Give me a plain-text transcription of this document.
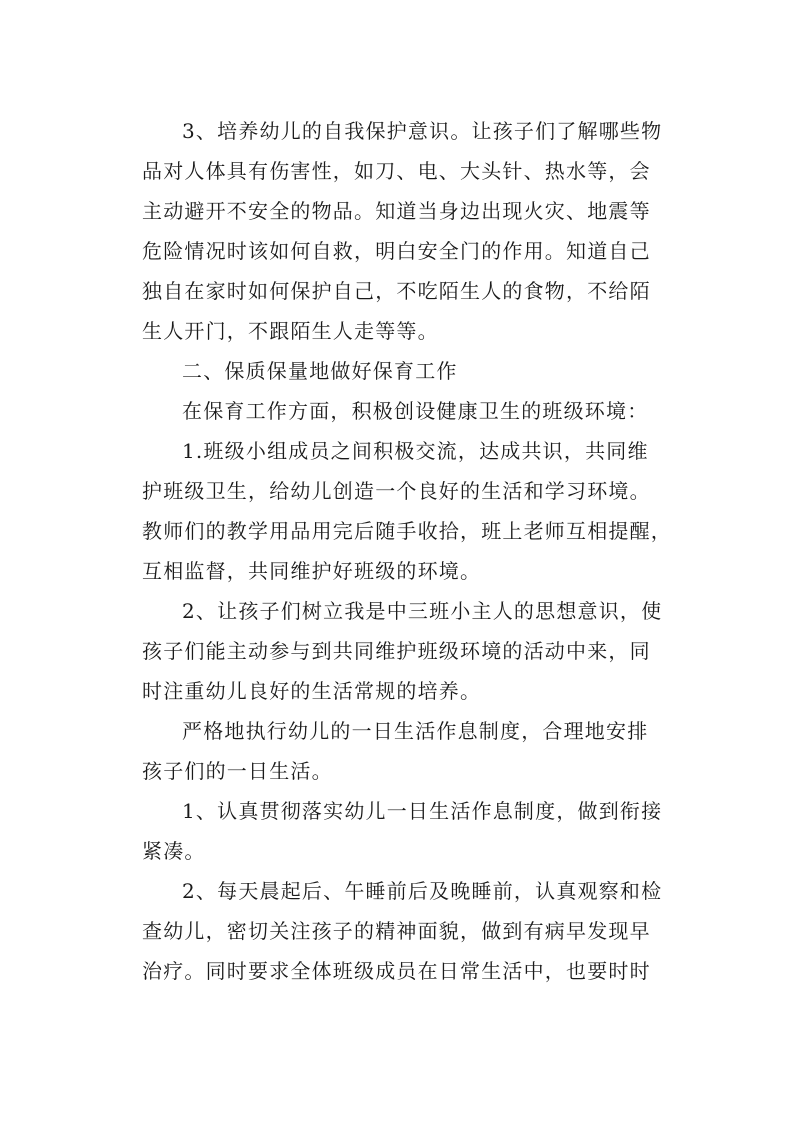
3、培养幼儿的自我保护意识。让孩子们了解哪些物
品对人体具有伤害性，如刀、电、大头针、热水等，会
主动避开不安全的物品。知道当身边出现火灾、地震等
危险情况时该如何自救，明白安全门的作用。知道自己
独自在家时如何保护自己，不吃陌生人的食物，不给陌
生人开门，不跟陌生人走等等。
二、保质保量地做好保育工作
在保育工作方面，积极创设健康卫生的班级环境：
1.班级小组成员之间积极交流，达成共识，共同维
护班级卫生，给幼儿创造一个良好的生活和学习环境。
教师们的教学用品用完后随手收拾，班上老师互相提醒，
互相监督，共同维护好班级的环境。
2、让孩子们树立我是中三班小主人的思想意识，使
孩子们能主动参与到共同维护班级环境的活动中来，同
时注重幼儿良好的生活常规的培养。
严格地执行幼儿的一日生活作息制度，合理地安排
孩子们的一日生活。
1、认真贯彻落实幼儿一日生活作息制度，做到衔接
紧凑。
2、每天晨起后、午睡前后及晚睡前，认真观察和检
查幼儿，密切关注孩子的精神面貌，做到有病早发现早
治疗。同时要求全体班级成员在日常生活中，也要时时
